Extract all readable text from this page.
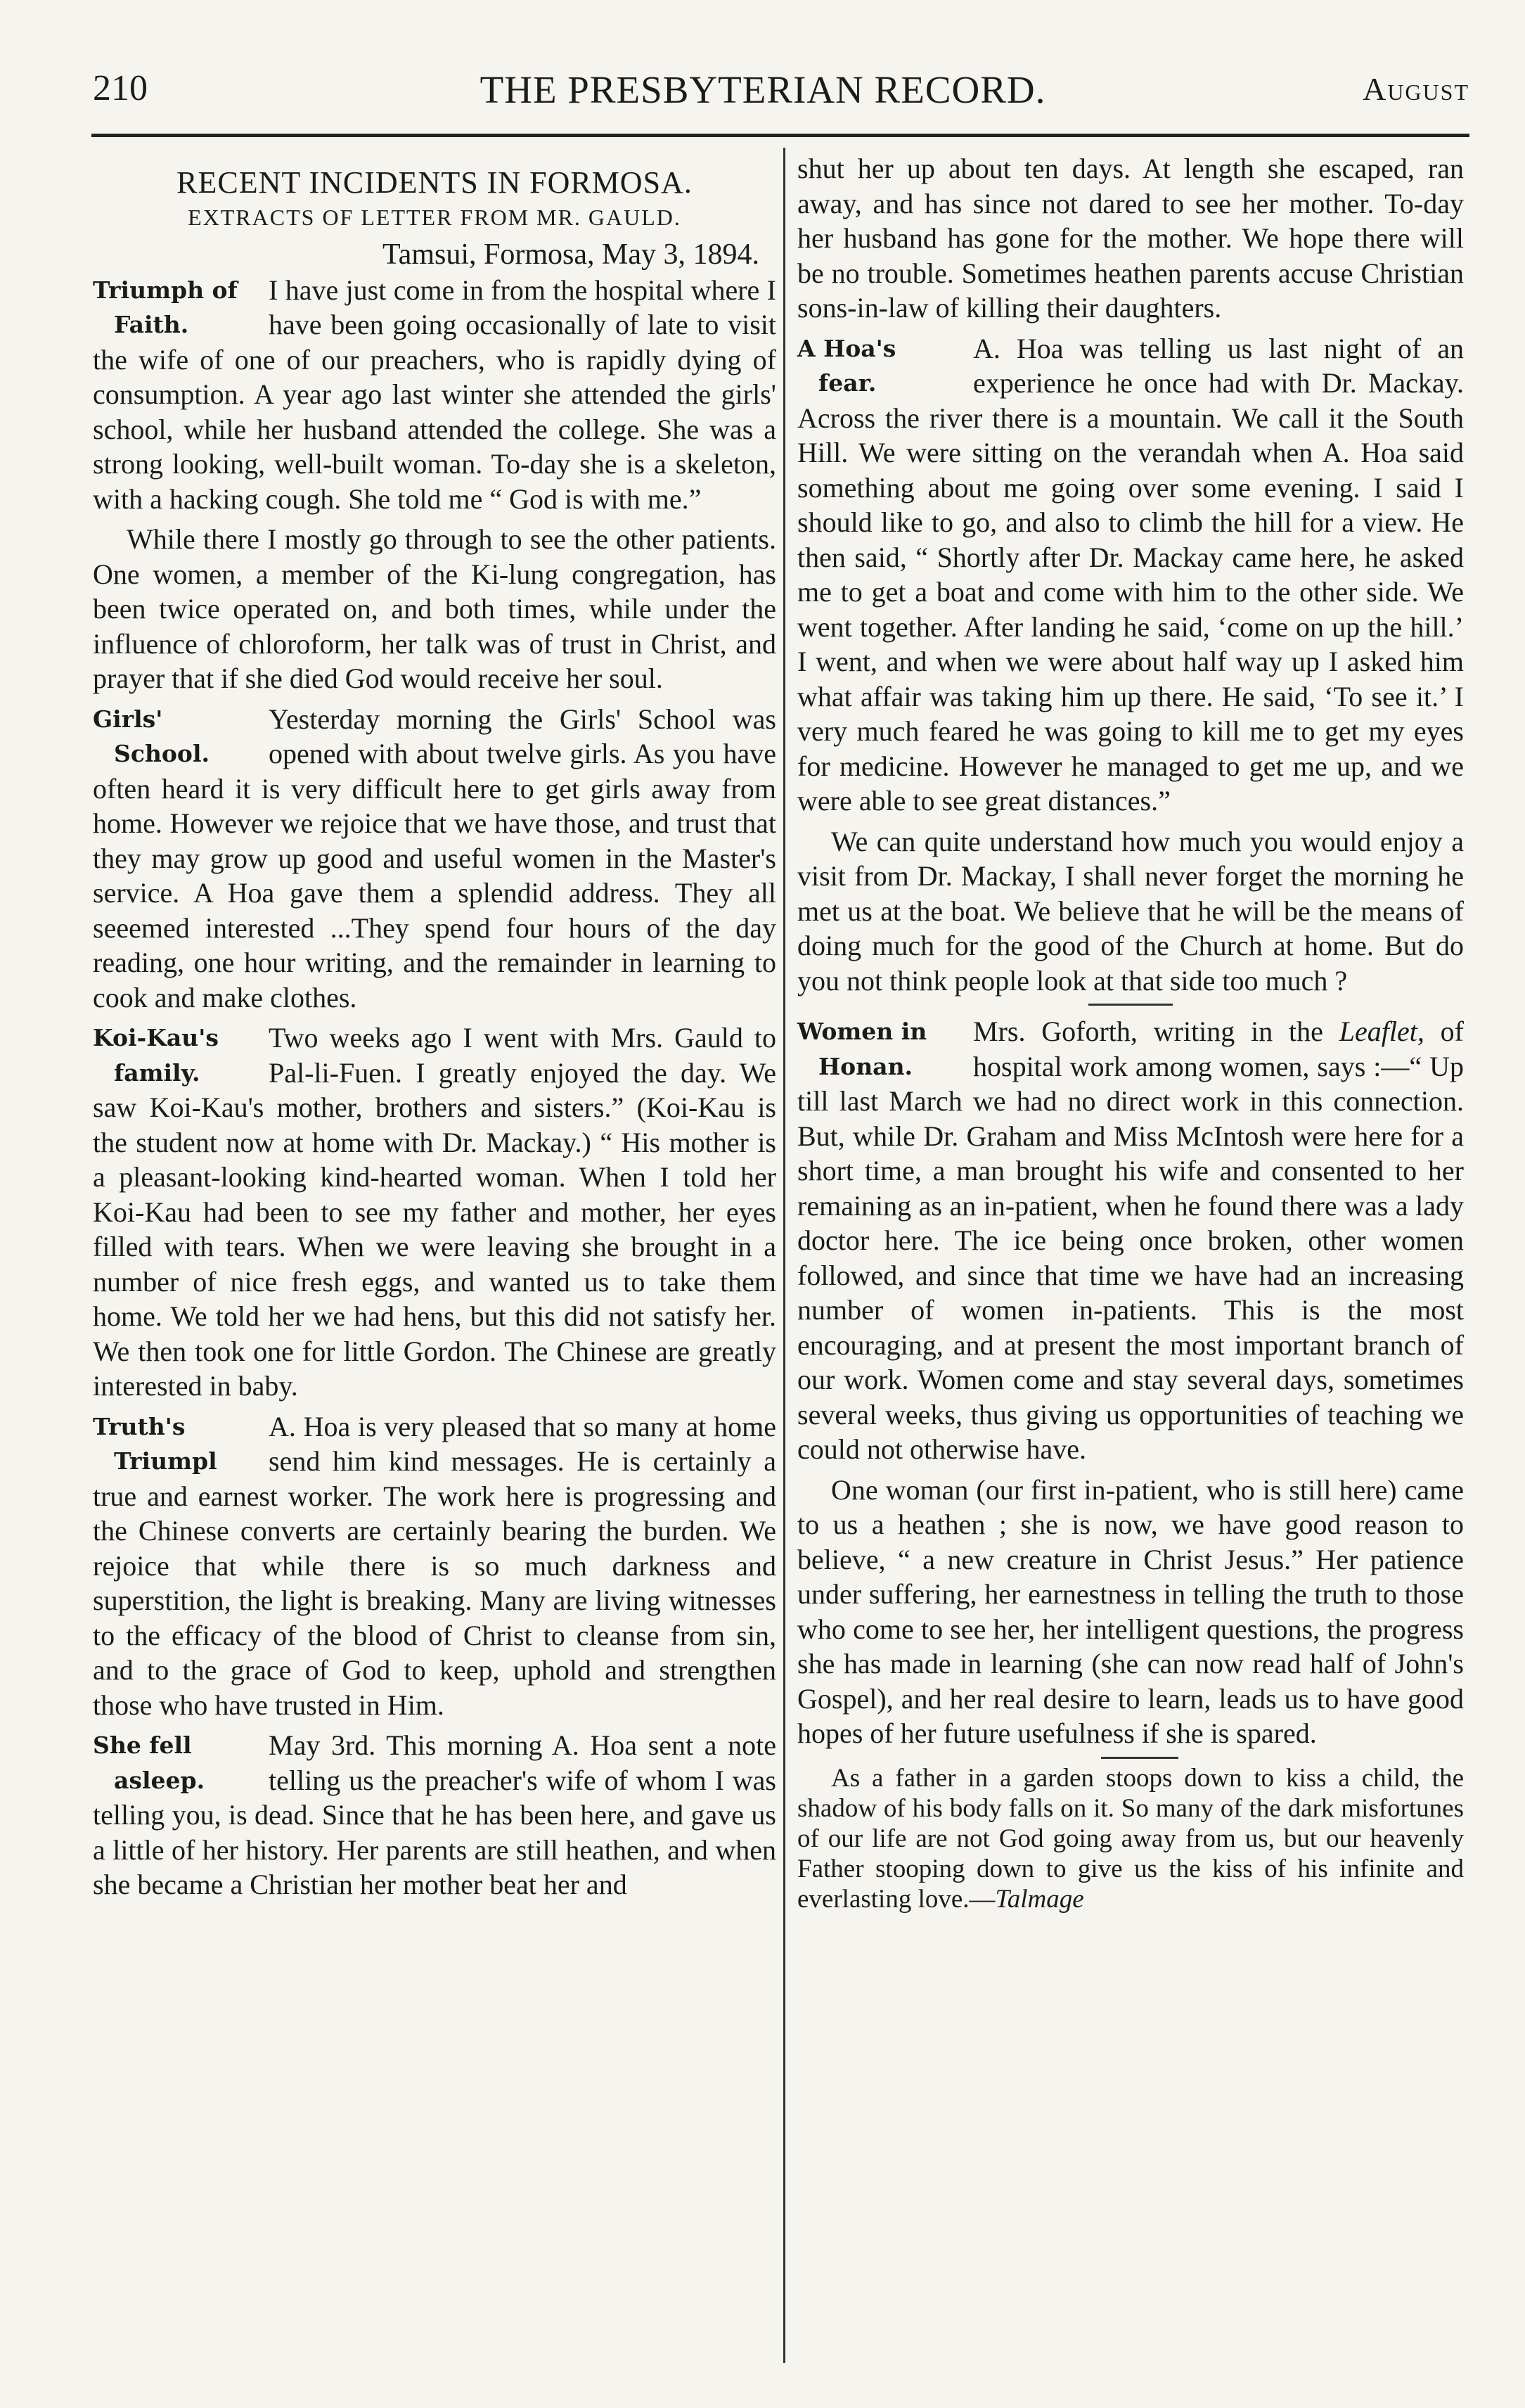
210	THE PRESBYTERIAN RECORD.	August
RECENT INCIDENTS IN FORMOSA.
EXTRACTS OF LETTER FROM MR. GAULD.
Tamsui, Formosa, May 3, 1894.
Triumph of
Faith.

I have just come in from the hospital where I have been going occasionally of late to visit the wife of one of our preachers, who is rapidly dying of consumption. A year ago last winter she attended the girls' school, while her husband attended the college. She was a strong looking, well-built woman. To-day she is a skeleton, with a hacking cough. She told me “ God is with me.”

While there I mostly go through to see the other patients. One women, a member of the Ki-lung congregation, has been twice operated on, and both times, while under the influence of chloroform, her talk was of trust in Christ, and prayer that if she died God would receive her soul.

Girls'
School.

Yesterday morning the Girls' School was opened with about twelve girls. As you have often heard it is very difficult here to get girls away from home. However we rejoice that we have those, and trust that they may grow up good and useful women in the Master's service. A Hoa gave them a splendid address. They all seeemed interested ...They spend four hours of the day reading, one hour writing, and the remainder in learning to cook and make clothes.

Koi-Kau's
family.

Two weeks ago I went with Mrs. Gauld to Pal-li-Fuen. I greatly enjoyed the day. We saw Koi-Kau's mother, brothers and sisters.” (Koi-Kau is the student now at home with Dr. Mackay.) “ His mother is a pleasant-looking kind-hearted woman. When I told her Koi-Kau had been to see my father and mother, her eyes filled with tears. When we were leaving she brought in a number of nice fresh eggs, and wanted us to take them home. We told her we had hens, but this did not satisfy her. We then took one for little Gordon. The Chinese are greatly interested in baby.

Truth's
Triumpl

A. Hoa is very pleased that so many at home send him kind messages. He is certainly a true and earnest worker. The work here is progressing and the Chinese converts are certainly bearing the burden. We rejoice that while there is so much darkness and superstition, the light is breaking. Many are living witnesses to the efficacy of the blood of Christ to cleanse from sin, and to the grace of God to keep, uphold and strengthen those who have trusted in Him.

She fell
asleep.

May 3rd. This morning A. Hoa sent a note telling us the preacher's wife of whom I was telling you, is dead. Since that he has been here, and gave us a little of her history. Her parents are still heathen, and when she became a Christian her mother beat her and

shut her up about ten days. At length she escaped, ran away, and has since not dared to see her mother. To-day her husband has gone for the mother. We hope there will be no trouble. Sometimes heathen parents accuse Christian sons-in-law of killing their daughters.

A Hoa's
fear.

A. Hoa was telling us last night of an experience he once had with Dr. Mackay. Across the river there is a mountain. We call it the South Hill. We were sitting on the verandah when A. Hoa said something about me going over some evening. I said I should like to go, and also to climb the hill for a view. He then said, “ Shortly after Dr. Mackay came here, he asked me to get a boat and come with him to the other side. We went together. After landing he said, ‘come on up the hill.’ I went, and when we were about half way up I asked him what affair was taking him up there. He said, ‘To see it.’ I very much feared he was going to kill me to get my eyes for medicine. However he managed to get me up, and we were able to see great distances.”

We can quite understand how much you would enjoy a visit from Dr. Mackay, I shall never forget the morning he met us at the boat. We believe that he will be the means of doing much for the good of the Church at home. But do you not think people look at that side too much ?

Women in
Honan.

Mrs. Goforth, writing in the Leaflet, of hospital work among women, says :—“ Up till last March we had no direct work in this connection. But, while Dr. Graham and Miss McIntosh were here for a short time, a man brought his wife and consented to her remaining as an in-patient, when he found there was a lady doctor here. The ice being once broken, other women followed, and since that time we have had an increasing number of women in-patients. This is the most encouraging, and at present the most important branch of our work. Women come and stay several days, sometimes several weeks, thus giving us opportunities of teaching we could not otherwise have.

One woman (our first in-patient, who is still here) came to us a heathen ; she is now, we have good reason to believe, “ a new creature in Christ Jesus.” Her patience under suffering, her earnestness in telling the truth to those who come to see her, her intelligent questions, the progress she has made in learning (she can now read half of John's Gospel), and her real desire to learn, leads us to have good hopes of her future usefulness if she is spared.

As a father in a garden stoops down to kiss a child, the shadow of his body falls on it. So many of the dark misfortunes of our life are not God going away from us, but our heavenly Father stooping down to give us the kiss of his infinite and everlasting love.—Talmage
